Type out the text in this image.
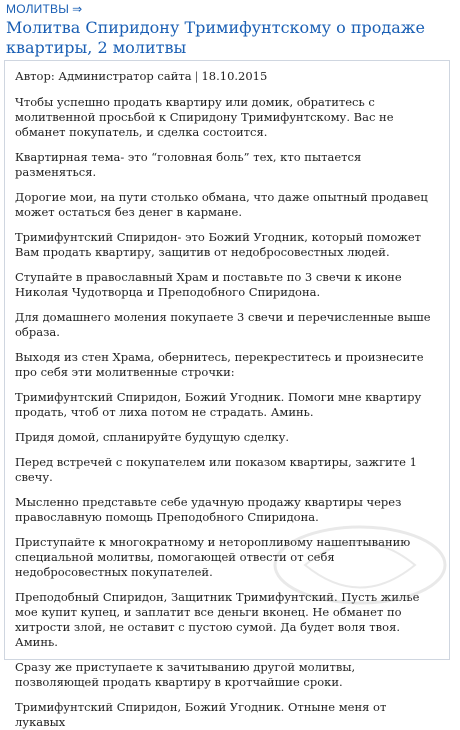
МОЛИТВЫ ⇒
Молитва Спиридону Тримифунтскому о продаже квартиры, 2 молитвы
Автор: Администратор сайта | 18.10.2015

Чтобы успешно продать квартиру или домик, обратитесь с молитвенной просьбой к Спиридону Тримифунтскому. Вас не обманет покупатель, и сделка состоится.

Квартирная тема- это “головная боль” тех, кто пытается разменяться.

Дорогие мои, на пути столько обмана, что даже опытный продавец может остаться без денег в кармане.

Тримифунтский Спиридон- это Божий Угодник, который поможет Вам продать квартиру, защитив от недобросовестных людей.

Ступайте в православный Храм и поставьте по 3 свечи к иконе Николая Чудотворца и Преподобного Спиридона.

Для домашнего моления покупаете 3 свечи и перечисленные выше образа.

Выходя из стен Храма, обернитесь, перекреститесь и произнесите про себя эти молитвенные строчки:

Тримифунтский Спиридон, Божий Угодник. Помоги мне квартиру продать, чтоб от лиха потом не страдать. Аминь.

Придя домой, спланируйте будущую сделку.

Перед встречей с покупателем или показом квартиры, зажгите 1 свечу.

Мысленно представьте себе удачную продажу квартиры через православную помощь Преподобного Спиридона.

Приступайте к многократному и неторопливому нашептыванию специальной молитвы, помогающей отвести от себя недобросовестных покупателей.

Преподобный Спиридон, Защитник Тримифунтский. Пусть жилье мое купит купец, и заплатит все деньги вконец. Не обманет по хитрости злой, не оставит с пустою сумой. Да будет воля твоя. Аминь.

Сразу же приступаете к зачитыванию другой молитвы, позволяющей продать квартиру в кротчайшие сроки.

Тримифунтский Спиридон, Божий Угодник. Отныне меня от лукавых
